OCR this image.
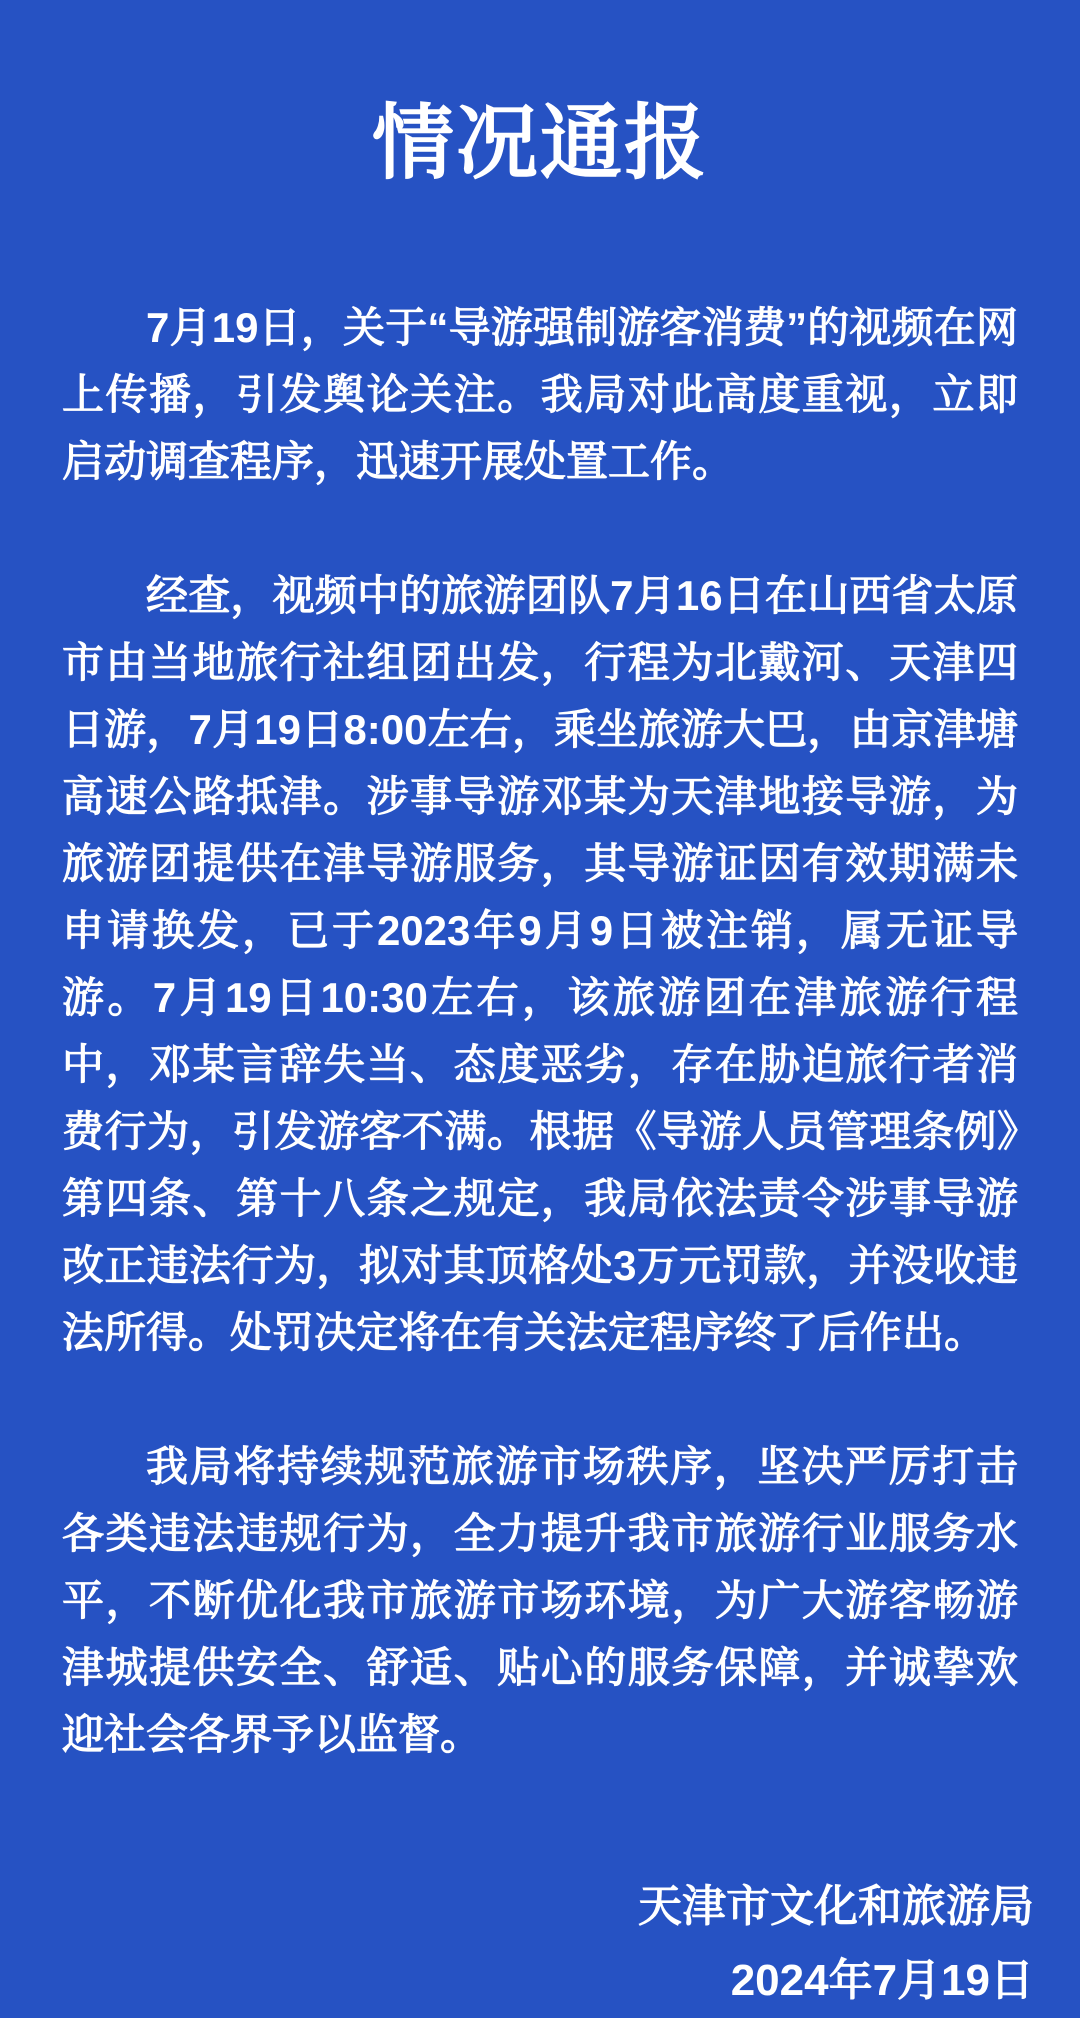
情况通报

7月19日，关于“导游强制游客消费”的视频在网上传播，引发舆论关注。我局对此高度重视，立即启动调查程序，迅速开展处置工作。

经查，视频中的旅游团队7月16日在山西省太原市由当地旅行社组团出发，行程为北戴河、天津四日游，7月19日8:00左右，乘坐旅游大巴，由京津塘高速公路抵津。涉事导游邓某为天津地接导游，为旅游团提供在津导游服务，其导游证因有效期满未申请换发，已于2023年9月9日被注销，属无证导游。7月19日10:30左右，该旅游团在津旅游行程中，邓某言辞失当、态度恶劣，存在胁迫旅行者消费行为，引发游客不满。根据《导游人员管理条例》第四条、第十八条之规定，我局依法责令涉事导游改正违法行为，拟对其顶格处3万元罚款，并没收违法所得。处罚决定将在有关法定程序终了后作出。

我局将持续规范旅游市场秩序，坚决严厉打击各类违法违规行为，全力提升我市旅游行业服务水平，不断优化我市旅游市场环境，为广大游客畅游津城提供安全、舒适、贴心的服务保障，并诚挚欢迎社会各界予以监督。

天津市文化和旅游局
2024年7月19日
